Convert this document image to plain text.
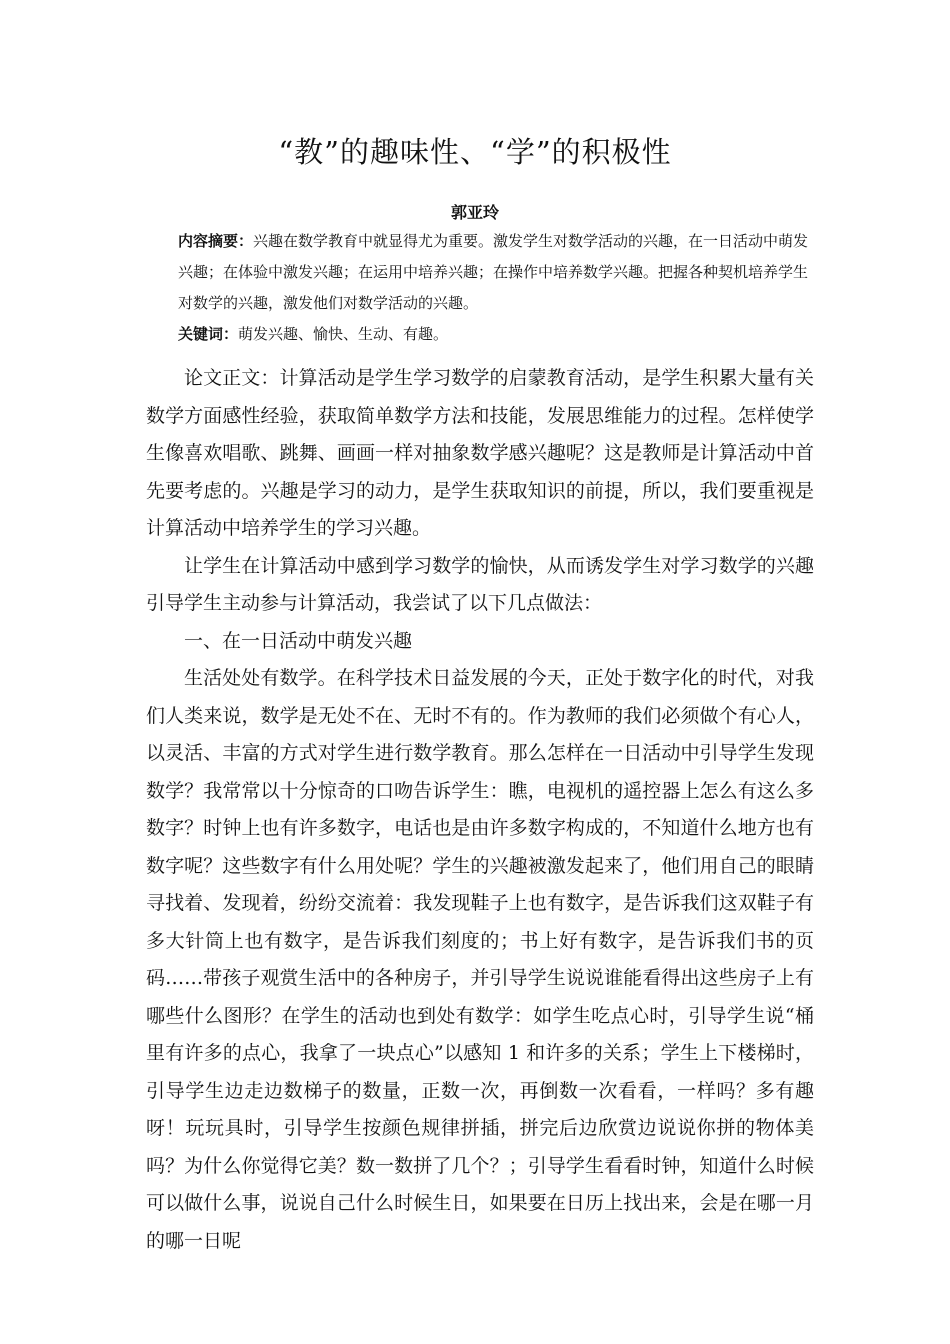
“教”的趣味性、“学”的积极性
郭亚玲
内容摘要：兴趣在数学教育中就显得尤为重要。激发学生对数学活动的兴趣，在一日活动中萌发兴趣；在体验中激发兴趣；在运用中培养兴趣；在操作中培养数学兴趣。把握各种契机培养学生对数学的兴趣，激发他们对数学活动的兴趣。
关键词：萌发兴趣、愉快、生动、有趣。

论文正文：计算活动是学生学习数学的启蒙教育活动，是学生积累大量有关数学方面感性经验，获取简单数学方法和技能，发展思维能力的过程。怎样使学生像喜欢唱歌、跳舞、画画一样对抽象数学感兴趣呢？这是教师是计算活动中首先要考虑的。兴趣是学习的动力，是学生获取知识的前提，所以，我们要重视是计算活动中培养学生的学习兴趣。

让学生在计算活动中感到学习数学的愉快，从而诱发学生对学习数学的兴趣引导学生主动参与计算活动，我尝试了以下几点做法：

一、在一日活动中萌发兴趣

生活处处有数学。在科学技术日益发展的今天，正处于数字化的时代，对我们人类来说，数学是无处不在、无时不有的。作为教师的我们必须做个有心人，以灵活、丰富的方式对学生进行数学教育。那么怎样在一日活动中引导学生发现数学？我常常以十分惊奇的口吻告诉学生：瞧，电视机的遥控器上怎么有这么多数字？时钟上也有许多数字，电话也是由许多数字构成的，不知道什么地方也有数字呢？这些数字有什么用处呢？学生的兴趣被激发起来了，他们用自己的眼睛寻找着、发现着，纷纷交流着：我发现鞋子上也有数字，是告诉我们这双鞋子有多大针筒上也有数字，是告诉我们刻度的；书上好有数字，是告诉我们书的页码……带孩子观赏生活中的各种房子，并引导学生说说谁能看得出这些房子上有哪些什么图形？在学生的活动也到处有数学：如学生吃点心时，引导学生说“桶里有许多的点心，我拿了一块点心”以感知 1 和许多的关系；学生上下楼梯时，引导学生边走边数梯子的数量，正数一次，再倒数一次看看，一样吗？多有趣呀！玩玩具时，引导学生按颜色规律拼插，拼完后边欣赏边说说你拼的物体美吗？为什么你觉得它美？数一数拼了几个？；引导学生看看时钟，知道什么时候可以做什么事，说说自己什么时候生日，如果要在日历上找出来，会是在哪一月的哪一日呢
